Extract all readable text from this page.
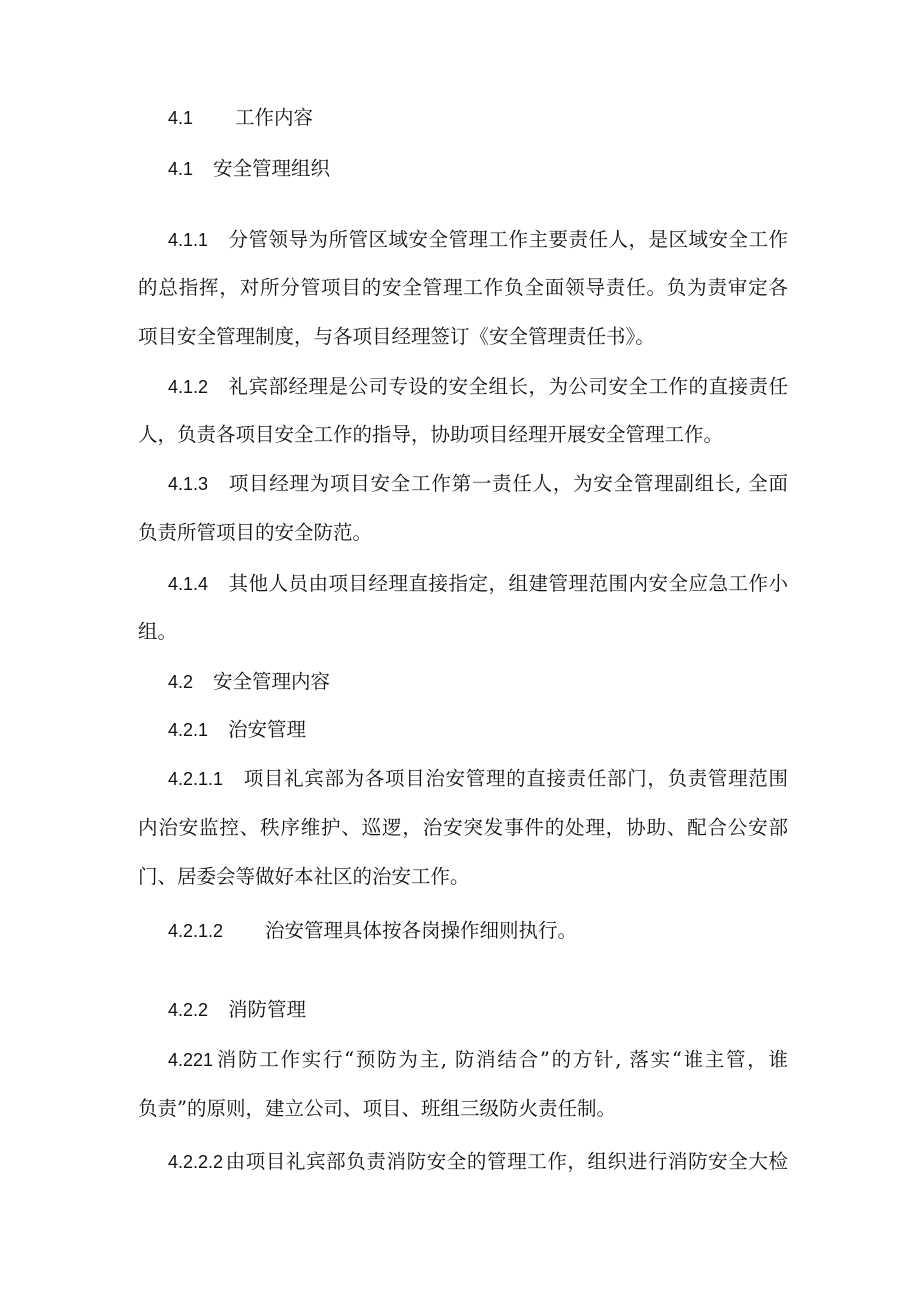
4.1 工作内容
4.1 安全管理组织
4.1.1 分管领导为所管区域安全管理工作主要责任人，是区域安全工作
的总指挥，对所分管项目的安全管理工作负全面领导责任。负为责审定各
项目安全管理制度，与各项目经理签订《安全管理责任书》。
4.1.2 礼宾部经理是公司专设的安全组长，为公司安全工作的直接责任
人，负责各项目安全工作的指导，协助项目经理开展安全管理工作。
4.1.3 项目经理为项目安全工作第一责任人，为安全管理副组长, 全面
负责所管项目的安全防范。
4.1.4 其他人员由项目经理直接指定，组建管理范围内安全应急工作小
组。
4.2 安全管理内容
4.2.1 治安管理
4.2.1.1 项目礼宾部为各项目治安管理的直接责任部门，负责管理范围
内治安监控、秩序维护、巡逻，治安突发事件的处理，协助、配合公安部
门、居委会等做好本社区的治安工作。
4.2.1.2 治安管理具体按各岗操作细则执行。
4.2.2 消防管理
4.221 消防工作实行“预防为主, 防消结合”的方针, 落实“谁主管，谁
负责”的原则，建立公司、项目、班组三级防火责任制。
4.2.2.2 由项目礼宾部负责消防安全的管理工作，组织进行消防安全大检
